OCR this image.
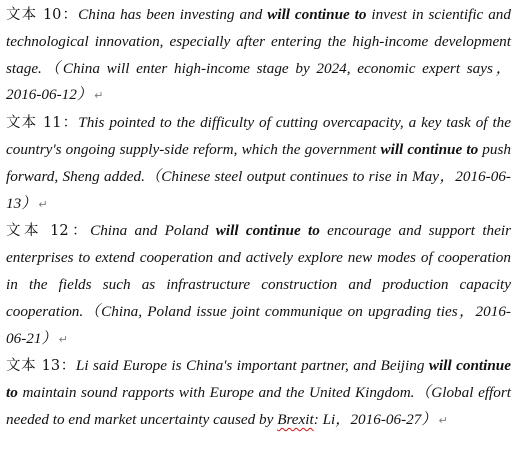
文本 10：China has been investing and will continue to invest in scientific and technological innovation, especially after entering the high-income development stage.（China will enter high-income stage by 2024, economic expert says，2016-06-12） ↵

文本 11：This pointed to the difficulty of cutting overcapacity, a key task of the country's ongoing supply-side reform, which the government will continue to push forward, Sheng added.（Chinese steel output continues to rise in May，2016-06-13） ↵

文本 12：China and Poland will continue to encourage and support their enterprises to extend cooperation and actively explore new modes of cooperation in the fields such as infrastructure construction and production capacity cooperation.（China, Poland issue joint communique on upgrading ties，2016-06-21） ↵

文本 13：Li said Europe is China's important partner, and Beijing will continue to maintain sound rapports with Europe and the United Kingdom.（Global effort needed to end market uncertainty caused by Brexit: Li，2016-06-27） ↵
